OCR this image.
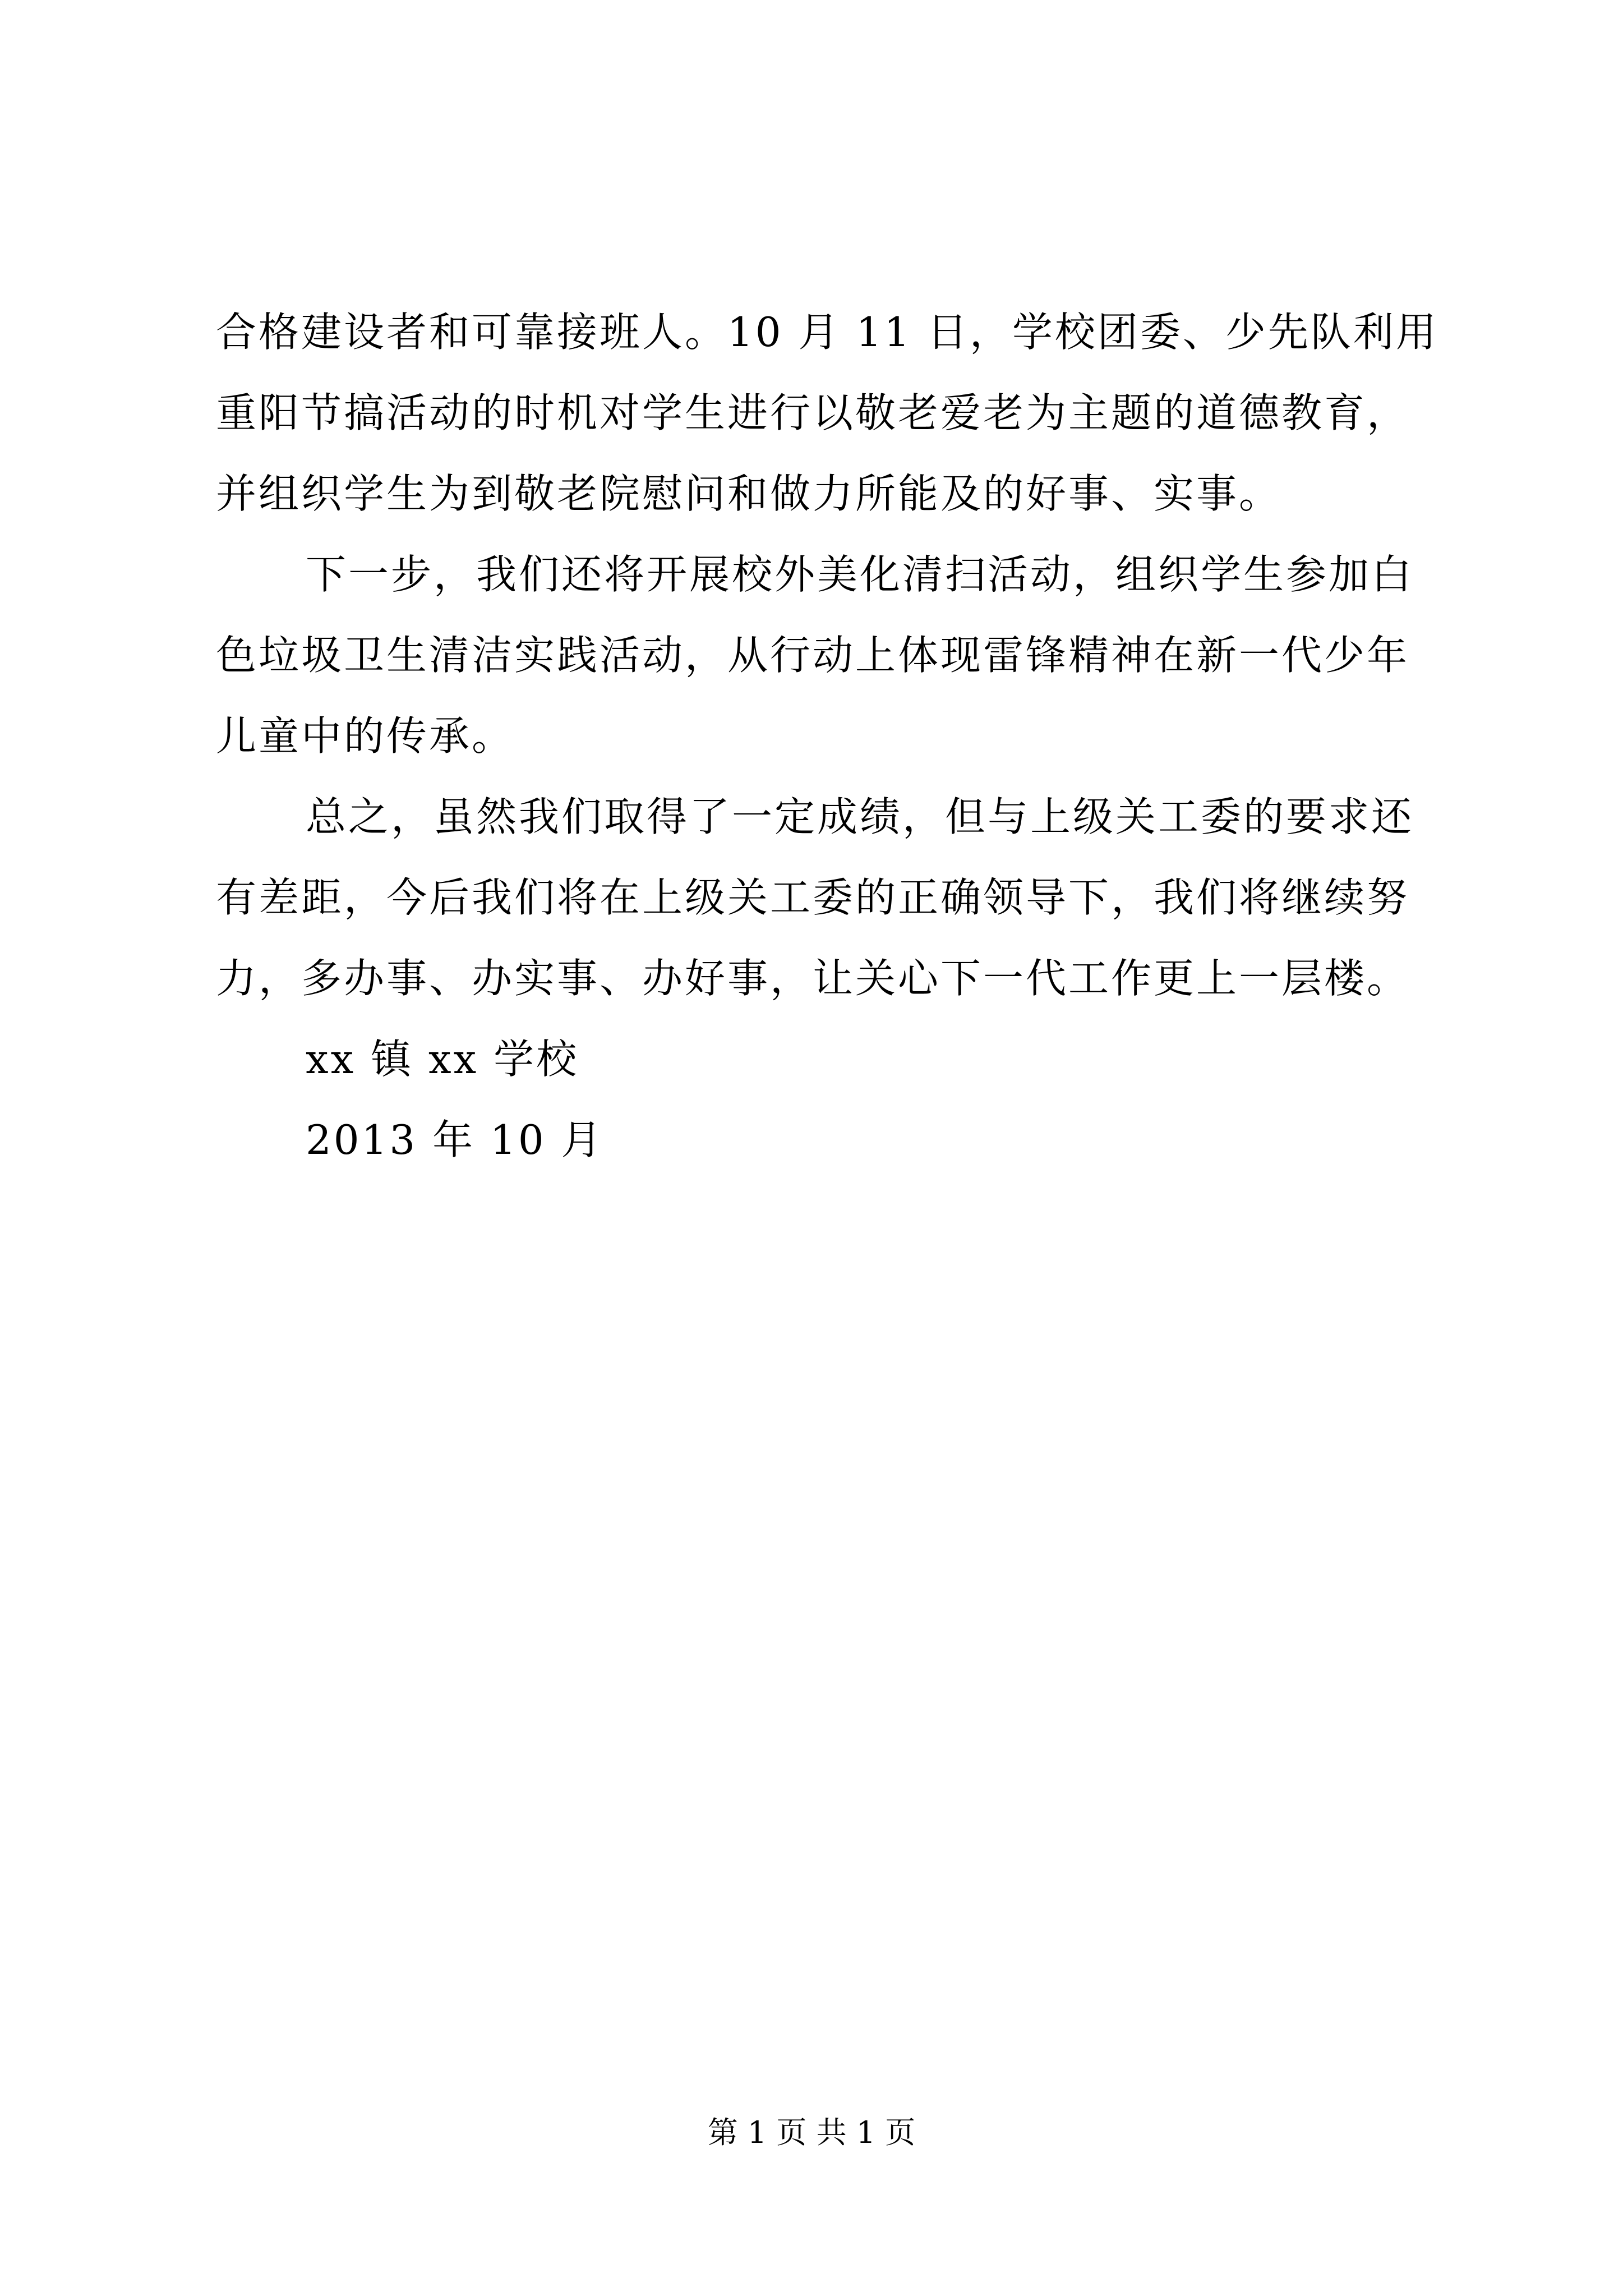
合格建设者和可靠接班人。10 月 11 日，学校团委、少先队利用
重阳节搞活动的时机对学生进行以敬老爱老为主题的道德教育，
并组织学生为到敬老院慰问和做力所能及的好事、实事。
下一步，我们还将开展校外美化清扫活动，组织学生参加白
色垃圾卫生清洁实践活动，从行动上体现雷锋精神在新一代少年
儿童中的传承。
总之，虽然我们取得了一定成绩，但与上级关工委的要求还
有差距，今后我们将在上级关工委的正确领导下，我们将继续努
力，多办事、办实事、办好事，让关心下一代工作更上一层楼。
xx 镇 xx 学校
2013 年 10 月
第 1 页 共 1 页
